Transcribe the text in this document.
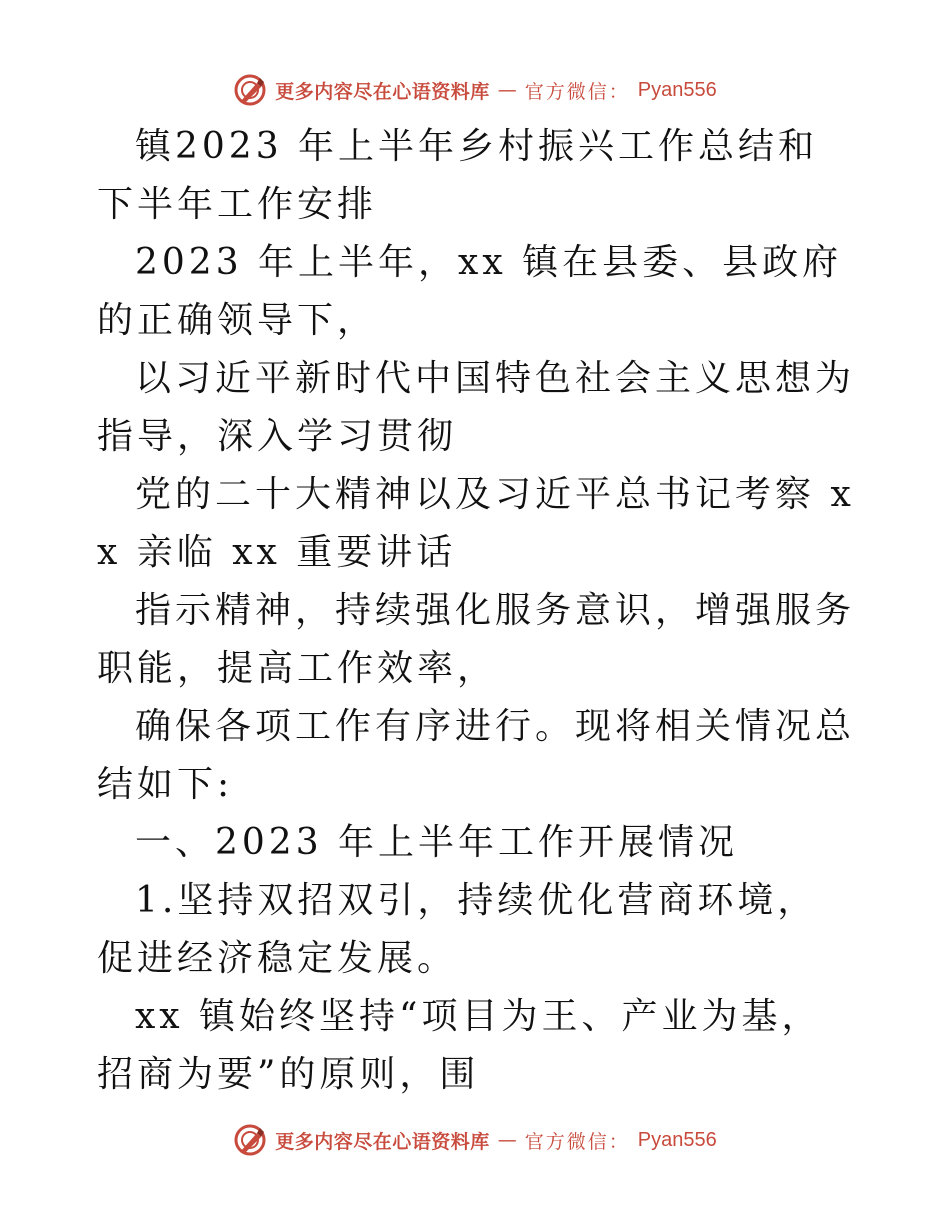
更多内容尽在心语资料库 — 官方微信： Pyan556

镇2023 年上半年乡村振兴工作总结和下半年工作安排

2023 年上半年，xx 镇在县委、县政府的正确领导下，

以习近平新时代中国特色社会主义思想为指导，深入学习贯彻

党的二十大精神以及习近平总书记考察 xx 亲临 xx 重要讲话

指示精神，持续强化服务意识，增强服务职能，提高工作效率，

确保各项工作有序进行。现将相关情况总结如下:

一、2023 年上半年工作开展情况

1.坚持双招双引，持续优化营商环境，促进经济稳定发展。

xx 镇始终坚持“项目为王、产业为基，招商为要”的原则，围

更多内容尽在心语资料库 — 官方微信： Pyan556
